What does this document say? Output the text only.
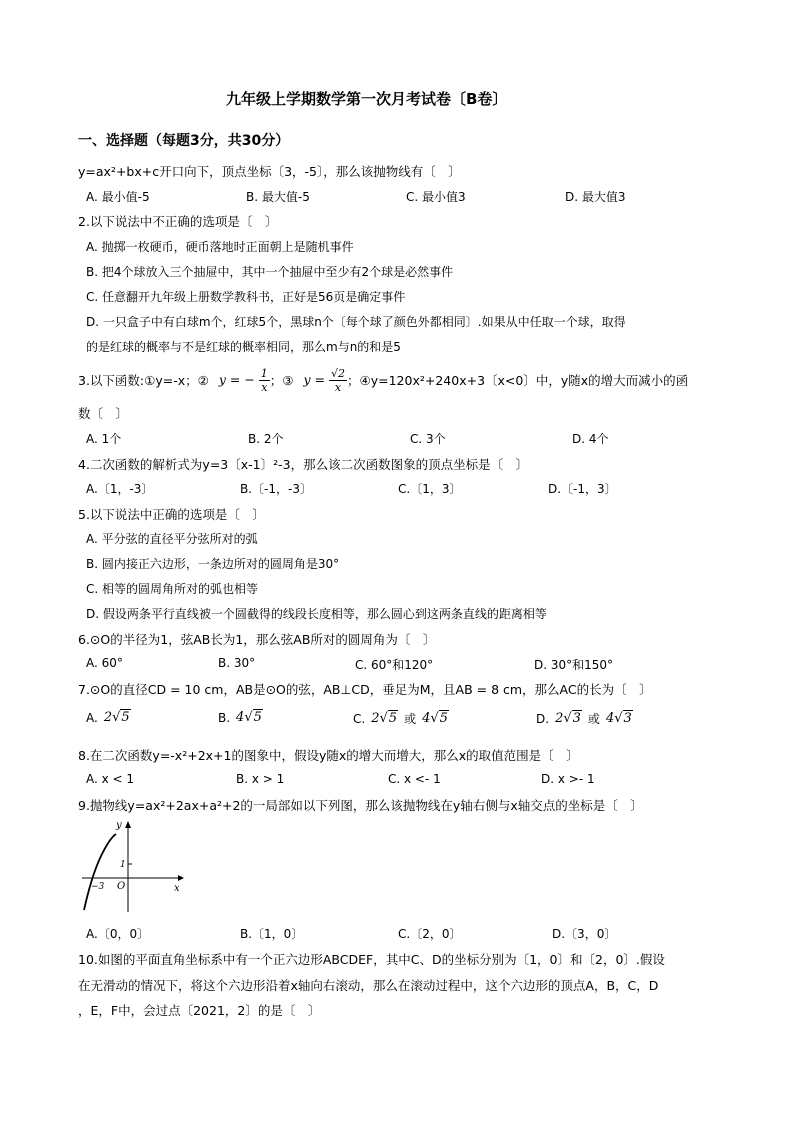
九年级上学期数学第一次月考试卷〔B卷〕
一、选择题（每题3分，共30分）
y=ax²+bx+c开口向下，顶点坐标〔3，-5〕，那么该抛物线有〔　〕
A. 最小值-5	B. 最大值-5	C. 最小值3	D. 最大值3
2.以下说法中不正确的选项是〔　〕
A. 抛掷一枚硬币，硬币落地时正面朝上是随机事件
B. 把4个球放入三个抽屉中，其中一个抽屉中至少有2个球是必然事件
C. 任意翻开九年级上册数学教科书，正好是56页是确定事件
D. 一只盒子中有白球m个，红球5个，黑球n个〔每个球了颜色外都相同〕.如果从中任取一个球，取得
的是红球的概率与不是红球的概率相同，那么m与n的和是5
3.以下函数:①y=-x；② y = − $\frac{1}{x}$ ；③ $y = \frac{√2}{x}$ ；④y=120x²+240x+3〔x<0〕中，y随x的增大而减小的函
数〔　〕
A. 1个	B. 2个	C. 3个	D. 4个
4.二次函数的解析式为y=3〔x-1〕²-3，那么该二次函数图象的顶点坐标是〔　〕
A.〔1，-3〕	B.〔-1，-3〕	C.〔1，3〕	D.〔-1，3〕
5.以下说法中正确的选项是〔　〕
A. 平分弦的直径平分弦所对的弧
B. 圆内接正六边形，一条边所对的圆周角是30°
C. 相等的圆周角所对的弧也相等
D. 假设两条平行直线被一个圆截得的线段长度相等，那么圆心到这两条直线的距离相等
6.⊙O的半径为1，弦AB长为1，那么弦AB所对的圆周角为〔　〕
A. 60°	B. 30°	C. 60°和120°	D. 30°和150°
7.⊙O的直径CD = 10 cm，AB是⊙O的弦，AB⊥CD，垂足为M，且AB = 8 cm，那么AC的长为〔　〕
A. 2√5	B. 4√5	C. 2√5 或 4√5	D. 2√3 或 4√3
8.在二次函数y=-x²+2x+1的图象中，假设y随x的增大而增大，那么x的取值范围是〔　〕
A. x < 1	B. x > 1	C. x <- 1	D. x >- 1
9.抛物线y=ax²+2ax+a²+2的一局部如以下列图，那么该抛物线在y轴右侧与x轴交点的坐标是〔　〕
y
x
O
1
−3
A.〔0，0〕	B.〔1，0〕	C.〔2，0〕	D.〔3，0〕
10.如图的平面直角坐标系中有一个正六边形ABCDEF，其中C、D的坐标分别为〔1，0〕和〔2，0〕.假设
在无滑动的情况下，将这个六边形沿着x轴向右滚动，那么在滚动过程中，这个六边形的顶点A，B，C，D
，E，F中，会过点〔2021，2〕的是〔　〕
